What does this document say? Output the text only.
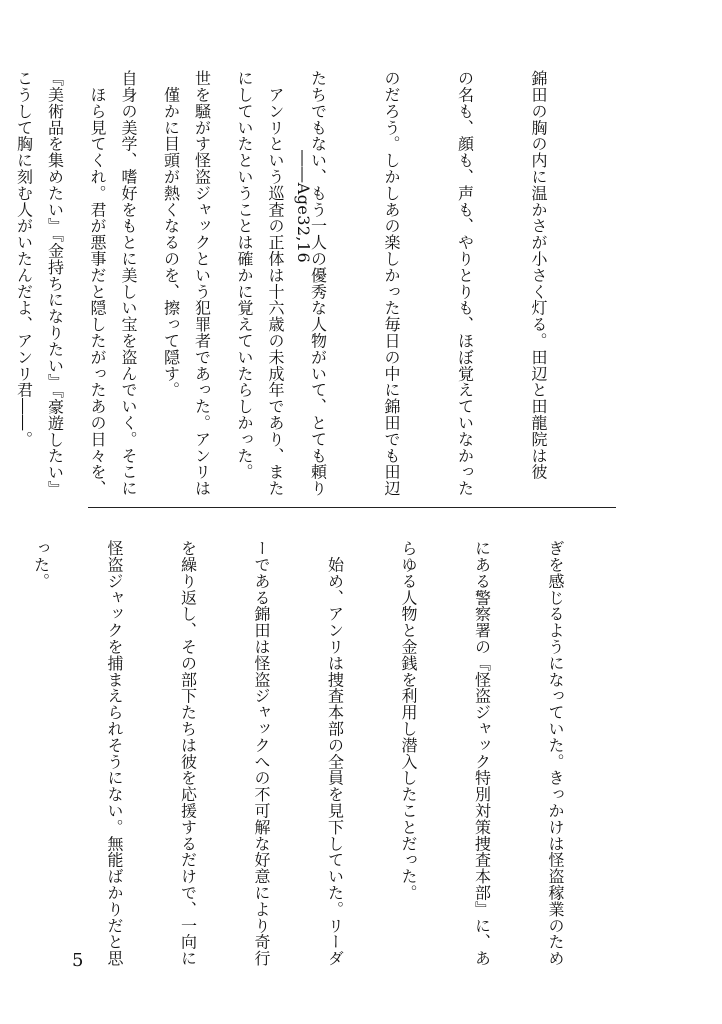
錦田の胸の内に温かさが小さく灯る。田辺と田龍院は彼

の名も、顔も、声も、やりとりも、ほぼ覚えていなかった

のだろう。しかしあの楽しかった毎日の中に錦田でも田辺

たちでもない、もう一人の優秀な人物がいて、とても頼り

にしていたということは確かに覚えていたらしかった。

　僅かに目頭が熱くなるのを、擦って隠す。

　ほら見てくれ。君が悪事だと隠したがったあの日々を、

こうして胸に刻む人がいたんだよ、アンリ君――。

	――Age32,16

　アンリという巡査の正体は十六歳の未成年であり、また

世を騒がす怪盗ジャックという犯罪者であった。アンリは

自身の美学、嗜好をもとに美しい宝を盗んでいく。そこに

『美術品を集めたい』『金持ちになりたい』『豪遊したい』

ぎを感じるようになっていた。きっかけは怪盗稼業のため

にある警察署の『怪盗ジャック特別対策捜査本部』に、あ

らゆる人物と金銭を利用し潜入したことだった。

　始め、アンリは捜査本部の全員を見下していた。リーダ

ーである錦田は怪盗ジャックへの不可解な好意により奇行

を繰り返し、その部下たちは彼を応援するだけで、一向に

怪盗ジャックを捕まえられそうにない。無能ばかりだと思

った。

5
